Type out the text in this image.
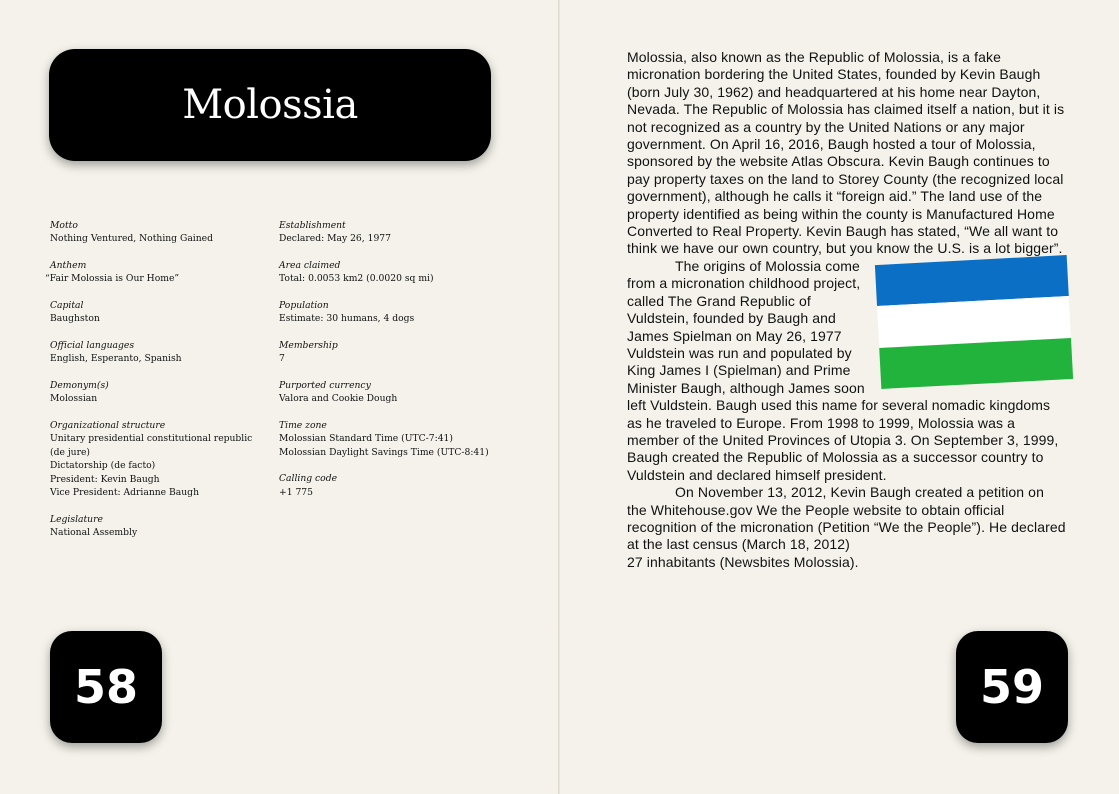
Molossia
Motto
Nothing Ventured, Nothing Gained
Anthem
“Fair Molossia is Our Home”
Capital
Baughston
Official languages
English, Esperanto, Spanish
Demonym(s)
Molossian
Organizational structure
Unitary presidential constitutional republic
(de jure)
Dictatorship (de facto)
President: Kevin Baugh
Vice President: Adrianne Baugh
Legislature
National Assembly
Establishment
Declared: May 26, 1977
Area claimed
Total: 0.0053 km2 (0.0020 sq mi)
Population
Estimate: 30 humans, 4 dogs
Membership
7
Purported currency
Valora and Cookie Dough
Time zone
Molossian Standard Time (UTC-7:41)
Molossian Daylight Savings Time (UTC-8:41)
Calling code
+1 775
58

Molossia, also known as the Republic of Molossia, is a fake micronation bordering the United States, founded by Kevin Baugh (born July 30, 1962) and headquartered at his home near Dayton, Nevada. The Republic of Molossia has claimed itself a nation, but it is not recognized as a country by the United Nations or any major government. On April 16, 2016, Baugh hosted a tour of Molossia, sponsored by the website Atlas Obscura. Kevin Baugh continues to pay property taxes on the land to Storey County (the recognized local government), although he calls it “foreign aid.” The land use of the property identified as being within the county is Manufactured Home Converted to Real Property. Kevin Baugh has stated, “We all want to think we have our own country, but you know the U.S. is a lot bigger”.

The origins of Molossia come from a micronation childhood project, called The Grand Republic of Vuldstein, founded by Baugh and James Spielman on May 26, 1977 Vuldstein was run and populated by King James I (Spielman) and Prime Minister Baugh, although James soon left Vuldstein. Baugh used this name for several nomadic kingdoms as he traveled to Europe. From 1998 to 1999, Molossia was a member of the United Provinces of Utopia 3. On September 3, 1999, Baugh created the Republic of Molossia as a successor country to Vuldstein and declared himself president.

On November 13, 2012, Kevin Baugh created a petition on the Whitehouse.gov We the People website to obtain official recognition of the micronation (Petition “We the People”). He declared at the last census (March 18, 2012)

27 inhabitants (Newsbites Molossia).

59
